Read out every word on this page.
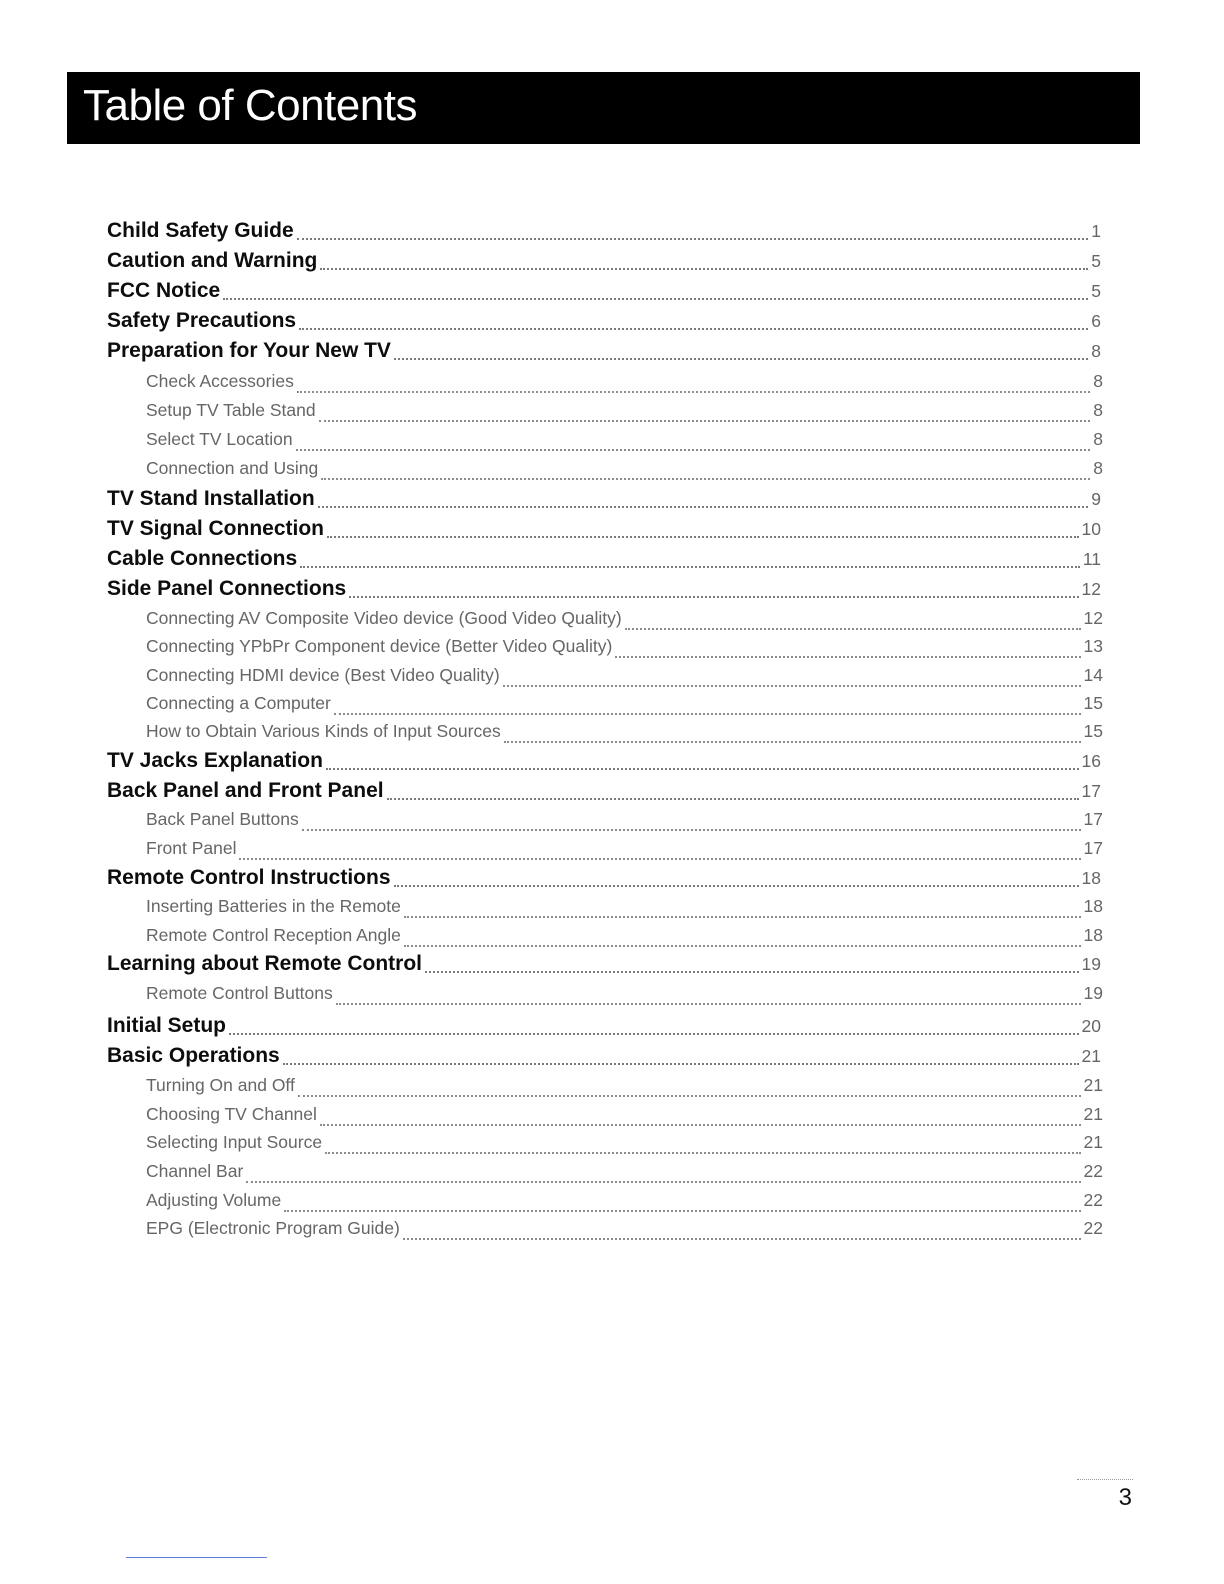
Table of Contents
Child Safety Guide	1
Caution and Warning	5
FCC Notice	5
Safety Precautions	6
Preparation for Your New TV	8
Check Accessories	8
Setup TV Table Stand	8
Select TV Location	8
Connection and Using	8
TV Stand Installation	9
TV Signal Connection	10
Cable Connections	11
Side Panel Connections	12
Connecting AV Composite Video device (Good Video Quality)	12
Connecting YPbPr Component device (Better Video Quality)	13
Connecting HDMI device (Best Video Quality)	14
Connecting a Computer	15
How to Obtain Various Kinds of Input Sources	15
TV Jacks Explanation	16
Back Panel and Front Panel	17
Back Panel Buttons	17
Front Panel	17
Remote Control Instructions	18
Inserting Batteries in the Remote	18
Remote Control Reception Angle	18
Learning about Remote Control	19
Remote Control Buttons	19
Initial Setup	20
Basic Operations	21
Turning On and Off	21
Choosing TV Channel	21
Selecting Input Source	21
Channel Bar	22
Adjusting Volume	22
EPG (Electronic Program Guide)	22
3
